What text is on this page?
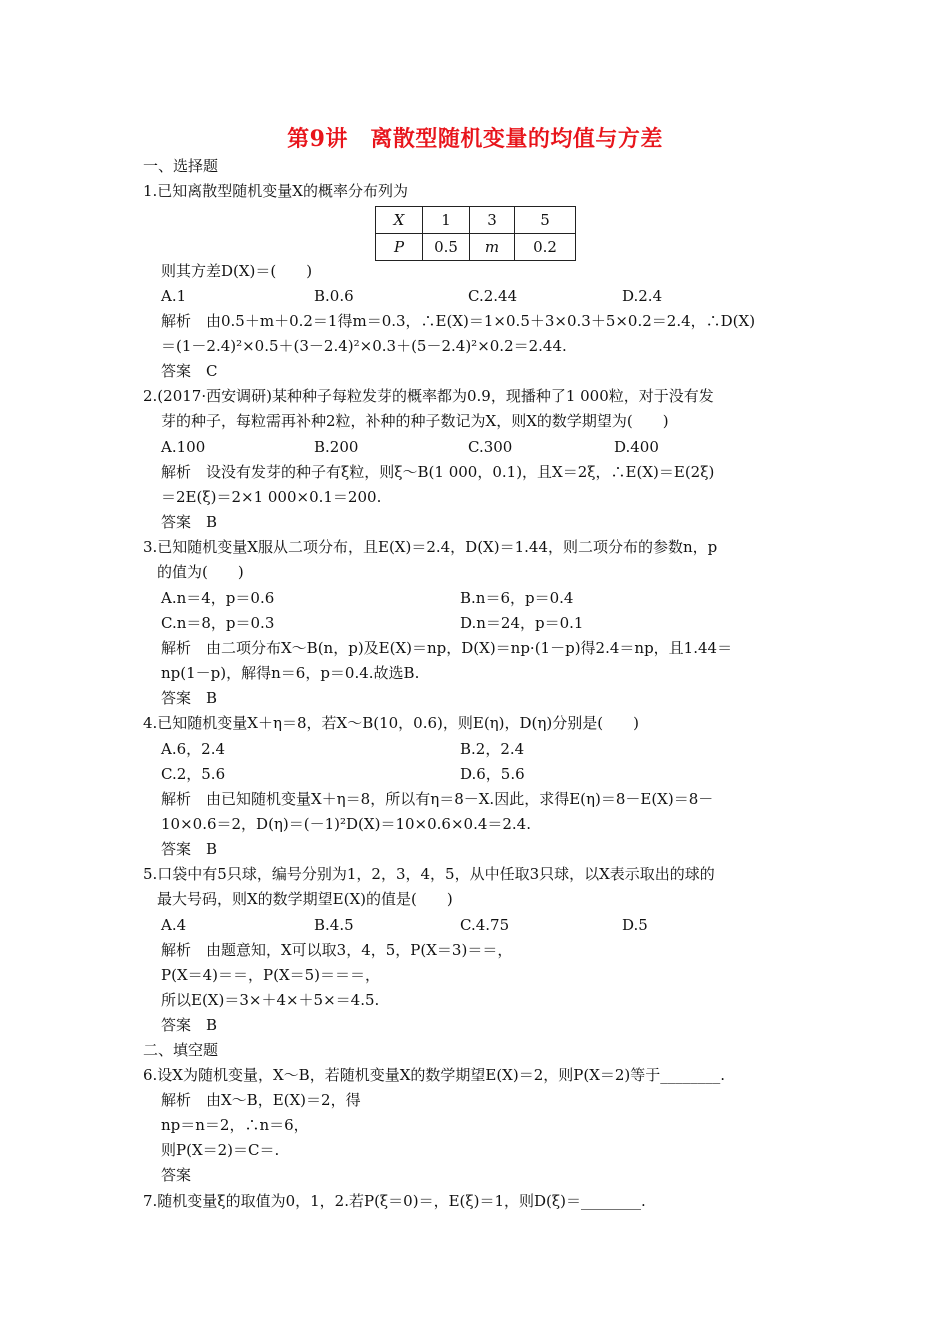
第9讲　离散型随机变量的均值与方差
一、选择题
1.已知离散型随机变量X的概率分布列为
X	1	3	5
P	0.5	m	0.2
则其方差D(X)＝(　　)
A.1	B.0.6	C.2.44	D.2.4
解析　由0.5＋m＋0.2＝1得m＝0.3，∴E(X)＝1×0.5＋3×0.3＋5×0.2＝2.4，∴D(X)
＝(1－2.4)²×0.5＋(3－2.4)²×0.3＋(5－2.4)²×0.2＝2.44.
答案　C
2.(2017·西安调研)某种种子每粒发芽的概率都为0.9，现播种了1 000粒，对于没有发
芽的种子，每粒需再补种2粒，补种的种子数记为X，则X的数学期望为(　　)
A.100	B.200	C.300	D.400
解析　设没有发芽的种子有ξ粒，则ξ～B(1 000，0.1)，且X＝2ξ，∴E(X)＝E(2ξ)
＝2E(ξ)＝2×1 000×0.1＝200.
答案　B
3.已知随机变量X服从二项分布，且E(X)＝2.4，D(X)＝1.44，则二项分布的参数n，p
的值为(　　)
A.n＝4，p＝0.6	B.n＝6，p＝0.4
C.n＝8，p＝0.3	D.n＝24，p＝0.1
解析　由二项分布X～B(n，p)及E(X)＝np，D(X)＝np·(1－p)得2.4＝np，且1.44＝
np(1－p)，解得n＝6，p＝0.4.故选B.
答案　B
4.已知随机变量X＋η＝8，若X～B(10，0.6)，则E(η)，D(η)分别是(　　)
A.6，2.4	B.2，2.4
C.2，5.6	D.6，5.6
解析　由已知随机变量X＋η＝8，所以有η＝8－X.因此，求得E(η)＝8－E(X)＝8－
10×0.6＝2，D(η)＝(－1)²D(X)＝10×0.6×0.4＝2.4.
答案　B
5.口袋中有5只球，编号分别为1，2，3，4，5，从中任取3只球，以X表示取出的球的
最大号码，则X的数学期望E(X)的值是(　　)
A.4	B.4.5	C.4.75	D.5
解析　由题意知，X可以取3，4，5，P(X＝3)＝＝，
P(X＝4)＝＝，P(X＝5)＝＝＝，
所以E(X)＝3×＋4×＋5×＝4.5.
答案　B
二、填空题
6.设X为随机变量，X～B，若随机变量X的数学期望E(X)＝2，则P(X＝2)等于________.
解析　由X～B，E(X)＝2，得
np＝n＝2，∴n＝6，
则P(X＝2)＝C＝.
答案
7.随机变量ξ的取值为0，1，2.若P(ξ＝0)＝，E(ξ)＝1，则D(ξ)＝________.
